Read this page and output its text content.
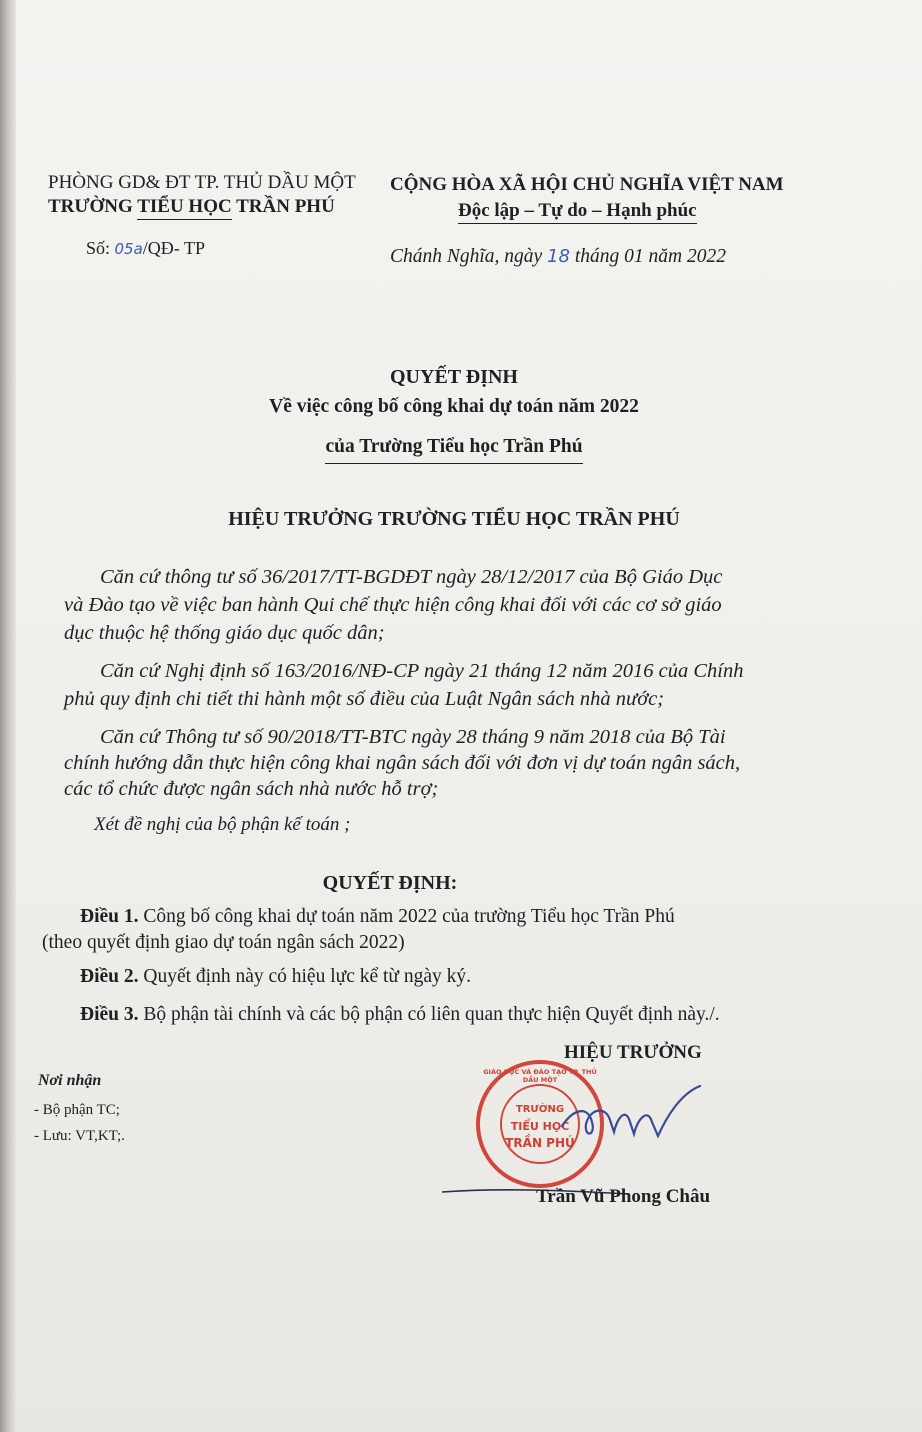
PHÒNG GD& ĐT TP. THỦ DẦU MỘT
TRƯỜNG TIỂU HỌC TRẦN PHÚ
CỘNG HÒA XÃ HỘI CHỦ NGHĨA VIỆT NAM
Độc lập – Tự do – Hạnh phúc
Số: 05a/QĐ- TP	Chánh Nghĩa, ngày 18 tháng 01 năm 2022
QUYẾT ĐỊNH
Về việc công bố công khai dự toán năm 2022
của Trường Tiểu học Trần Phú
HIỆU TRƯỞNG TRƯỜNG TIỂU HỌC TRẦN PHÚ
Căn cứ thông tư số 36/2017/TT-BGDĐT ngày 28/12/2017 của Bộ Giáo Dục
và Đào tạo về việc ban hành Qui chế thực hiện công khai đối với các cơ sở giáo
dục thuộc hệ thống giáo dục quốc dân;
Căn cứ Nghị định số 163/2016/NĐ-CP ngày 21 tháng 12 năm 2016 của Chính
phủ quy định chi tiết thi hành một số điều của Luật Ngân sách nhà nước;
Căn cứ Thông tư số 90/2018/TT-BTC ngày 28 tháng 9 năm 2018 của Bộ Tài
chính hướng dẫn thực hiện công khai ngân sách đối với đơn vị dự toán ngân sách,
các tổ chức được ngân sách nhà nước hỗ trợ;
Xét đề nghị của bộ phận kế toán ;
QUYẾT ĐỊNH:
Điều 1. Công bố công khai dự toán năm 2022 của trường Tiểu học Trần Phú
(theo quyết định giao dự toán ngân sách 2022)
Điều 2. Quyết định này có hiệu lực kể từ ngày ký.
Điều 3. Bộ phận tài chính và các bộ phận có liên quan thực hiện Quyết định này./.
HIỆU TRƯỞNG
Nơi nhận
- Bộ phận TC;
- Lưu: VT,KT;.
GIÁO DỤC VÀ ĐÀO TẠO TP. THỦ DẦU MỘT
TRƯỜNG
TIỂU HỌC
TRẦN PHÚ
Trần Vũ Phong Châu
